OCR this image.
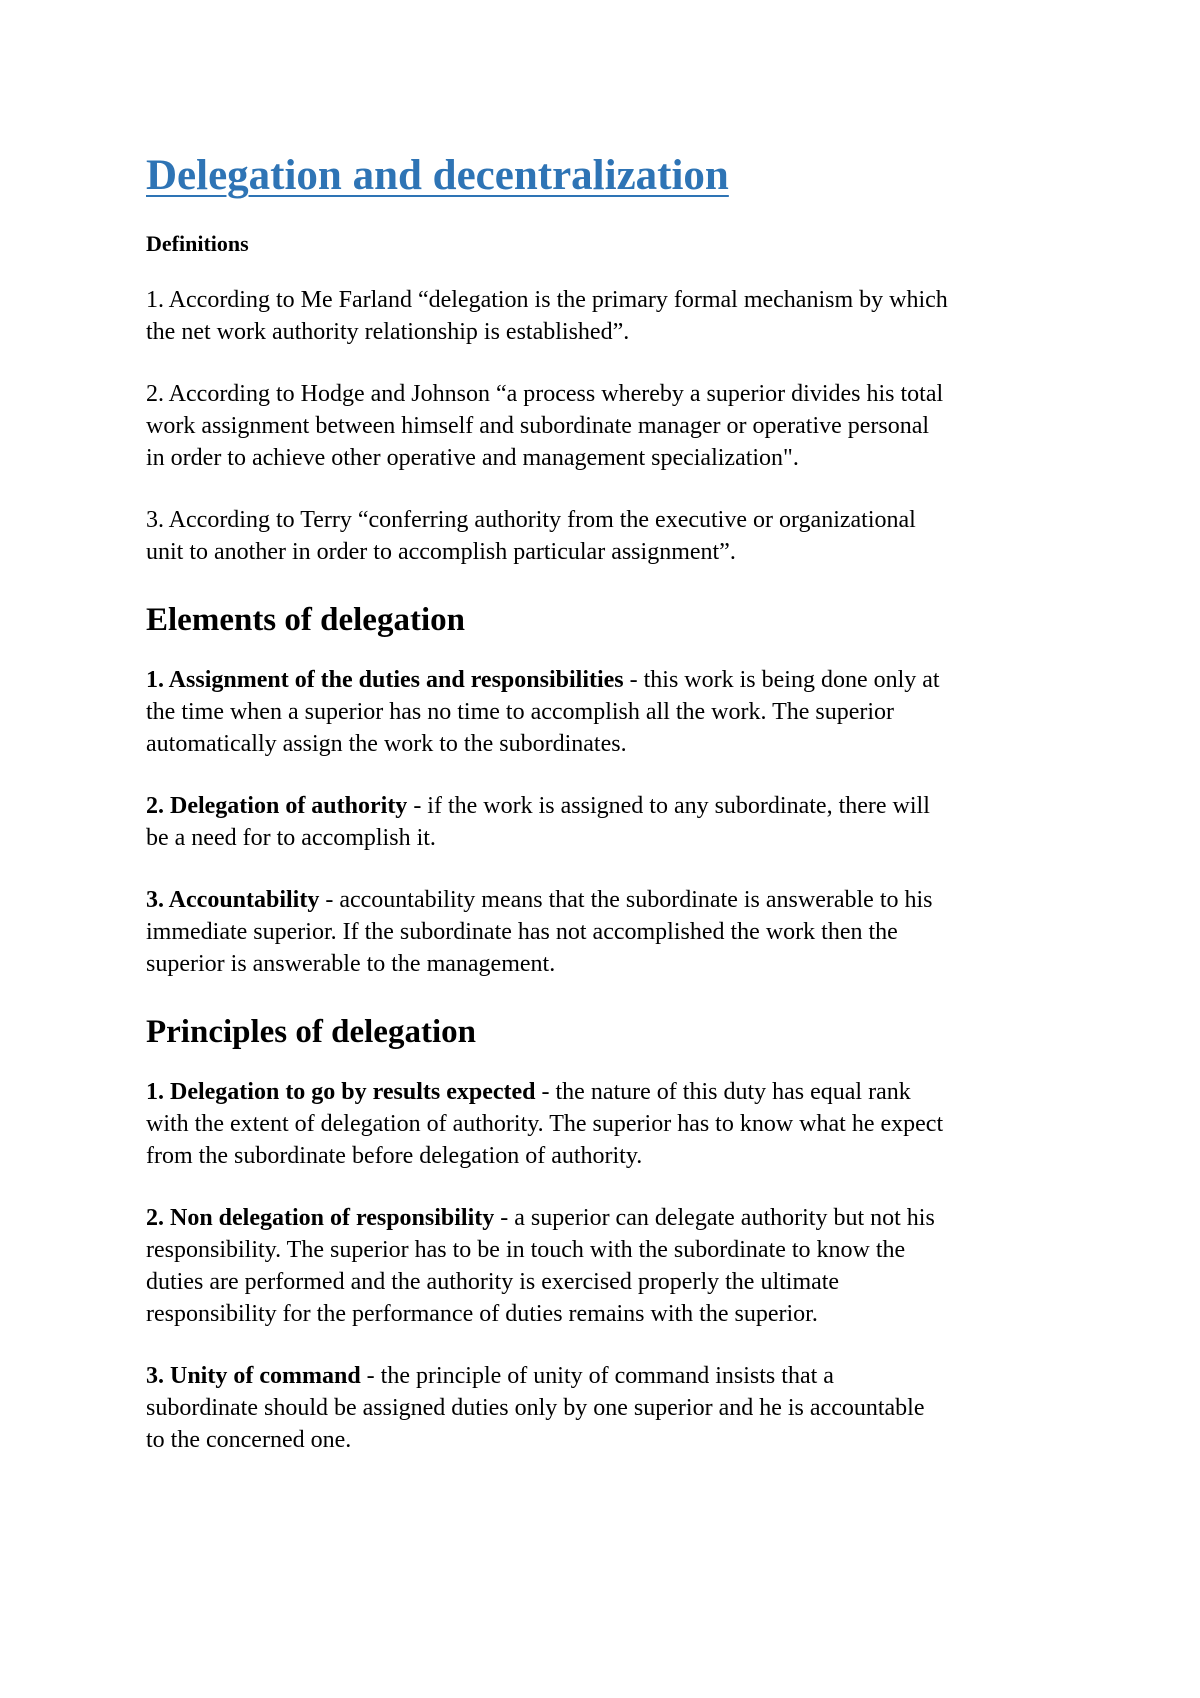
Delegation and decentralization
Definitions
1. According to Me Farland “delegation is the primary formal mechanism by which
the net work authority relationship is established”.
2. According to Hodge and Johnson “a process whereby a superior divides his total
work assignment between himself and subordinate manager or operative personal
in order to achieve other operative and management specialization".
3. According to Terry “conferring authority from the executive or organizational
unit to another in order to accomplish particular assignment”.
Elements of delegation
1. Assignment of the duties and responsibilities - this work is being done only at
the time when a superior has no time to accomplish all the work. The superior
automatically assign the work to the subordinates.
2. Delegation of authority - if the work is assigned to any subordinate, there will
be a need for to accomplish it.
3. Accountability - accountability means that the subordinate is answerable to his
immediate superior. If the subordinate has not accomplished the work then the
superior is answerable to the management.
Principles of delegation
1. Delegation to go by results expected - the nature of this duty has equal rank
with the extent of delegation of authority. The superior has to know what he expect
from the subordinate before delegation of authority.
2. Non delegation of responsibility - a superior can delegate authority but not his
responsibility. The superior has to be in touch with the subordinate to know the
duties are performed and the authority is exercised properly the ultimate
responsibility for the performance of duties remains with the superior.
3. Unity of command - the principle of unity of command insists that a
subordinate should be assigned duties only by one superior and he is accountable
to the concerned one.
